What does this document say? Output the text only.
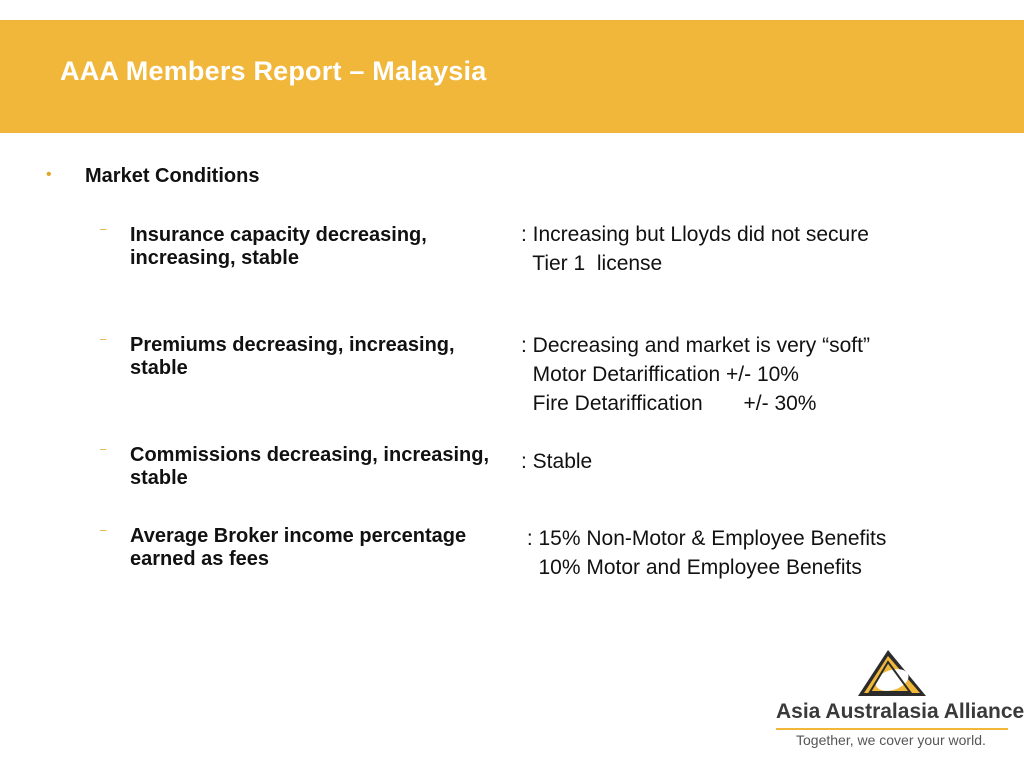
AAA Members Report – Malaysia
• Market Conditions
⁻ Insurance capacity decreasing, increasing, stable
: Increasing but Lloyds did not secure
Tier 1  license
⁻ Premiums decreasing, increasing, stable
: Decreasing and market is very “soft”
Motor Detariffication +/- 10%
Fire Detariffication       +/- 30%
⁻ Commissions decreasing, increasing, stable
: Stable
⁻ Average Broker income percentage earned as fees
: 15% Non-Motor & Employee Benefits
10% Motor and Employee Benefits
Asia Australasia Alliance
Together, we cover your world.
